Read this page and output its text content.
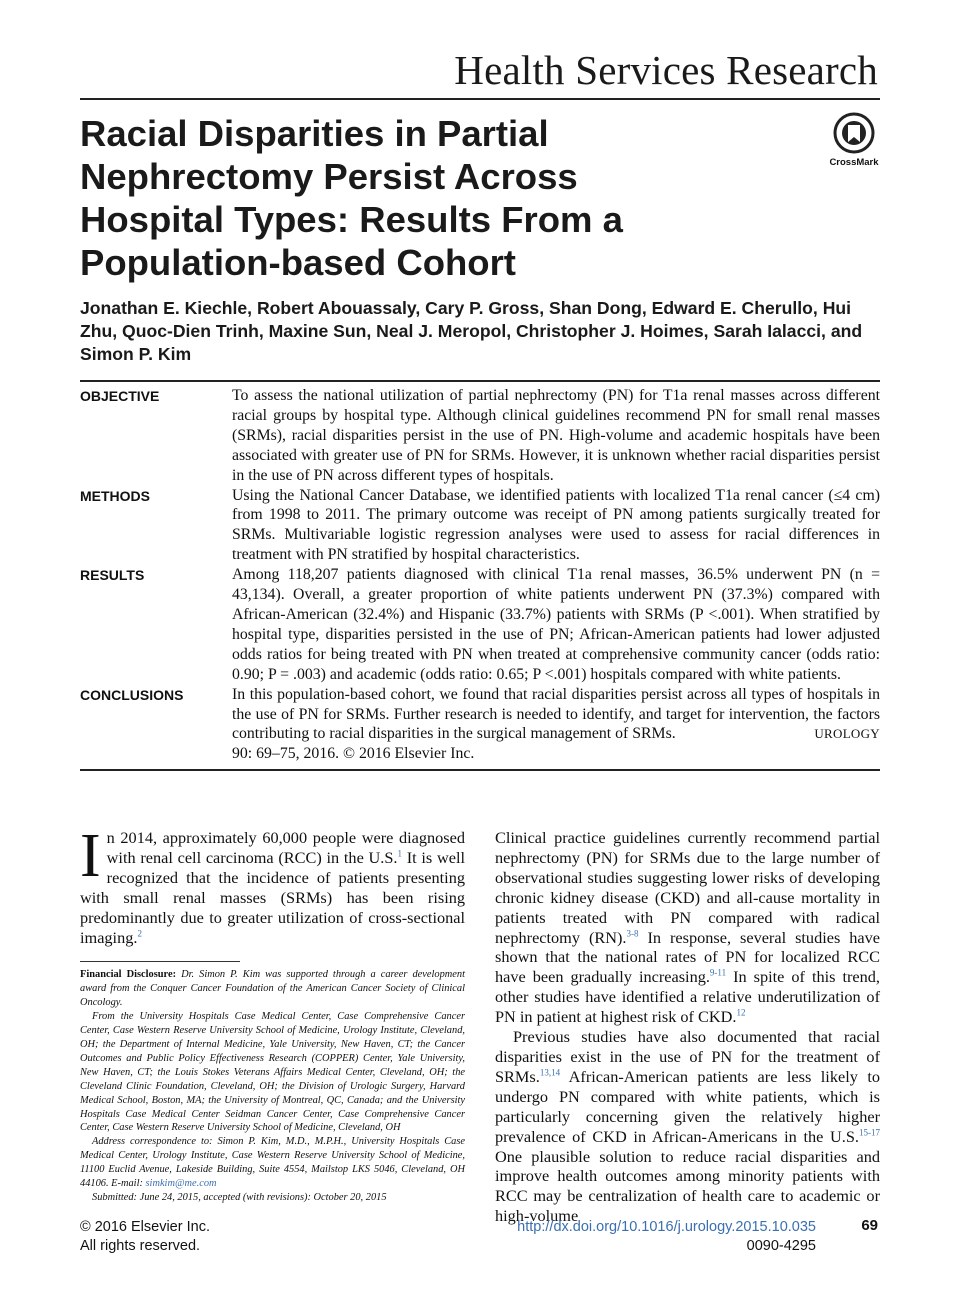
Health Services Research
Racial Disparities in Partial Nephrectomy Persist Across Hospital Types: Results From a Population-based Cohort
CrossMark
Jonathan E. Kiechle, Robert Abouassaly, Cary P. Gross, Shan Dong, Edward E. Cherullo, Hui Zhu, Quoc-Dien Trinh, Maxine Sun, Neal J. Meropol, Christopher J. Hoimes, Sarah Ialacci, and Simon P. Kim
OBJECTIVE	To assess the national utilization of partial nephrectomy (PN) for T1a renal masses across different racial groups by hospital type. Although clinical guidelines recommend PN for small renal masses (SRMs), racial disparities persist in the use of PN. High-volume and academic hospitals have been associated with greater use of PN for SRMs. However, it is unknown whether racial disparities persist in the use of PN across different types of hospitals.
METHODS	Using the National Cancer Database, we identified patients with localized T1a renal cancer (≤4 cm) from 1998 to 2011. The primary outcome was receipt of PN among patients surgically treated for SRMs. Multivariable logistic regression analyses were used to assess for racial differences in treatment with PN stratified by hospital characteristics.
RESULTS	Among 118,207 patients diagnosed with clinical T1a renal masses, 36.5% underwent PN (n = 43,134). Overall, a greater proportion of white patients underwent PN (37.3%) compared with African-American (32.4%) and Hispanic (33.7%) patients with SRMs (P <.001). When stratified by hospital type, disparities persisted in the use of PN; African-American patients had lower adjusted odds ratios for being treated with PN when treated at comprehensive community cancer (odds ratio: 0.90; P = .003) and academic (odds ratio: 0.65; P <.001) hospitals compared with white patients.
CONCLUSIONS	In this population-based cohort, we found that racial disparities persist across all types of hospitals in the use of PN for SRMs. Further research is needed to identify, and target for intervention, the factors contributing to racial disparities in the surgical management of SRMs.	UROLOGY

90: 69–75, 2016. © 2016 Elsevier Inc.

In 2014, approximately 60,000 people were diagnosed with renal cell carcinoma (RCC) in the U.S.$^1$ It is well recognized that the incidence of patients presenting with small renal masses (SRMs) has been rising predominantly due to greater utilization of cross-sectional imaging.$^2$

Financial Disclosure: Dr. Simon P. Kim was supported through a career development award from the Conquer Cancer Foundation of the American Cancer Society of Clinical Oncology.

From the University Hospitals Case Medical Center, Case Comprehensive Cancer Center, Case Western Reserve University School of Medicine, Urology Institute, Cleveland, OH; the Department of Internal Medicine, Yale University, New Haven, CT; the Cancer Outcomes and Public Policy Effectiveness Research (COPPER) Center, Yale University, New Haven, CT; the Louis Stokes Veterans Affairs Medical Center, Cleveland, OH; the Cleveland Clinic Foundation, Cleveland, OH; the Division of Urologic Surgery, Harvard Medical School, Boston, MA; the University of Montreal, QC, Canada; and the University Hospitals Case Medical Center Seidman Cancer Center, Case Comprehensive Cancer Center, Case Western Reserve University School of Medicine, Cleveland, OH

Address correspondence to: Simon P. Kim, M.D., M.P.H., University Hospitals Case Medical Center, Urology Institute, Case Western Reserve University School of Medicine, 11100 Euclid Avenue, Lakeside Building, Suite 4554, Mailstop LKS 5046, Cleveland, OH 44106. E-mail: simkim@me.com

Submitted: June 24, 2015, accepted (with revisions): October 20, 2015

Clinical practice guidelines currently recommend partial nephrectomy (PN) for SRMs due to the large number of observational studies suggesting lower risks of developing chronic kidney disease (CKD) and all-cause mortality in patients treated with PN compared with radical nephrectomy (RN).$^{3-8}$ In response, several studies have shown that the national rates of PN for localized RCC have been gradually increasing.$^{9-11}$ In spite of this trend, other studies have identified a relative underutilization of PN in patient at highest risk of CKD.$^{12}$

Previous studies have also documented that racial disparities exist in the use of PN for the treatment of SRMs.$^{13,14}$ African-American patients are less likely to undergo PN compared with white patients, which is particularly concerning given the relatively higher prevalence of CKD in African-Americans in the U.S.$^{15-17}$ One plausible solution to reduce racial disparities and improve health outcomes among minority patients with RCC may be centralization of health care to academic or high-volume

© 2016 Elsevier Inc.
All rights reserved.
http://dx.doi.org/10.1016/j.urology.2015.10.035
0090-4295
69
